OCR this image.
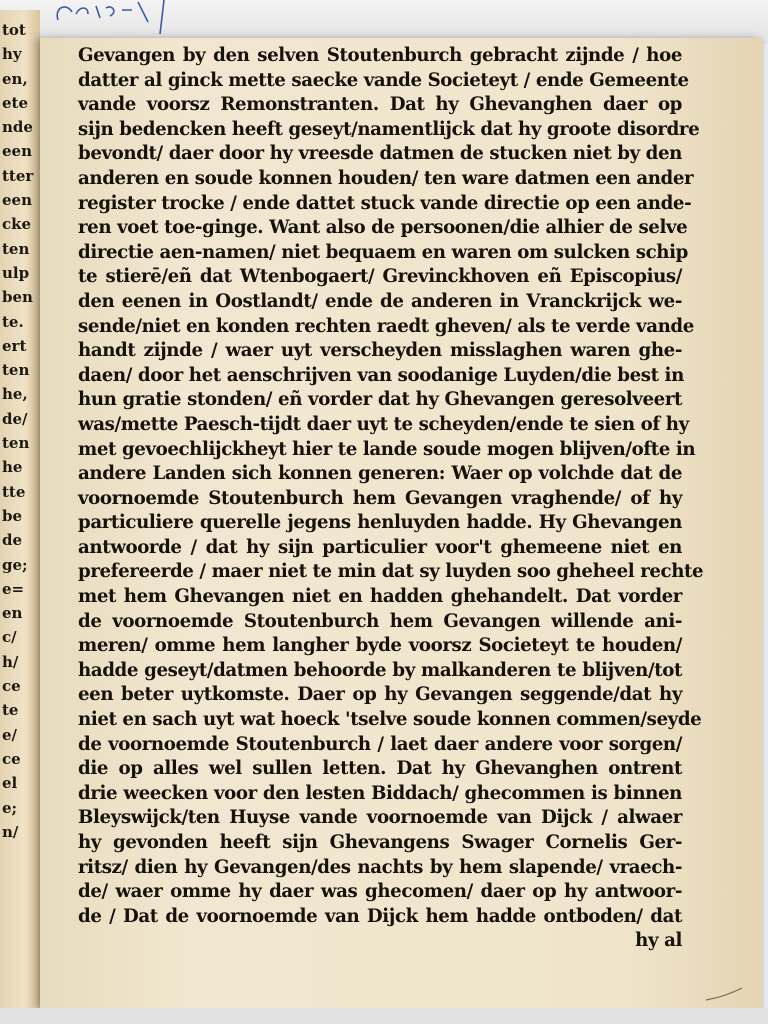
tot
hy
en,
ete
nde
een
tter
een
cke
ten
ulp
ben
te.
ert
ten
he,
de/
ten
he
tte
be
de
ge;
e=
en
c/
h/
ce
te
e/
ce
el
e;
n/
Gevangen by den selven Stoutenburch gebracht zijnde / hoe
datter al ginck mette saecke vande Societeyt / ende Gemeente
vande voorsz Remonstranten. Dat hy Ghevanghen daer op
sijn bedencken heeft geseyt/namentlijck dat hy groote disordre
bevondt/ daer door hy vreesde datmen de stucken niet by den
anderen en soude konnen houden/ ten ware datmen een ander
register trocke / ende dattet stuck vande directie op een ande-
ren voet toe-ginge. Want also de persoonen/die alhier de selve
directie aen-namen/ niet bequaem en waren om sulcken schip
te stierē/eñ dat Wtenbogaert/ Grevinckhoven eñ Episcopius/
den eenen in Oostlandt/ ende de anderen in Vranckrijck we-
sende/niet en konden rechten raedt gheven/ als te verde vande
handt zijnde / waer uyt verscheyden misslaghen waren ghe-
daen/ door het aenschrijven van soodanige Luyden/die best in
hun gratie stonden/ eñ vorder dat hy Ghevangen geresolveert
was/mette Paesch-tijdt daer uyt te scheyden/ende te sien of hy
met gevoechlijckheyt hier te lande soude mogen blijven/ofte in
andere Landen sich konnen generen: Waer op volchde dat de
voornoemde Stoutenburch hem Gevangen vraghende/ of hy
particuliere querelle jegens henluyden hadde. Hy Ghevangen
antwoorde / dat hy sijn particulier voor't ghemeene niet en
prefereerde / maer niet te min dat sy luyden soo gheheel rechte
met hem Ghevangen niet en hadden ghehandelt. Dat vorder
de voornoemde Stoutenburch hem Gevangen willende ani-
meren/ omme hem langher byde voorsz Societeyt te houden/
hadde geseyt/datmen behoorde by malkanderen te blijven/tot
een beter uytkomste. Daer op hy Gevangen seggende/dat hy
niet en sach uyt wat hoeck 'tselve soude konnen commen/seyde
de voornoemde Stoutenburch / laet daer andere voor sorgen/
die op alles wel sullen letten. Dat hy Ghevanghen ontrent
drie weecken voor den lesten Biddach/ ghecommen is binnen
Bleyswijck/ten Huyse vande voornoemde van Dijck / alwaer
hy gevonden heeft sijn Ghevangens Swager Cornelis Ger-
ritsz/ dien hy Gevangen/des nachts by hem slapende/ vraech-
de/ waer omme hy daer was ghecomen/ daer op hy antwoor-
de / Dat de voornoemde van Dijck hem hadde ontboden/ dat
hy al
